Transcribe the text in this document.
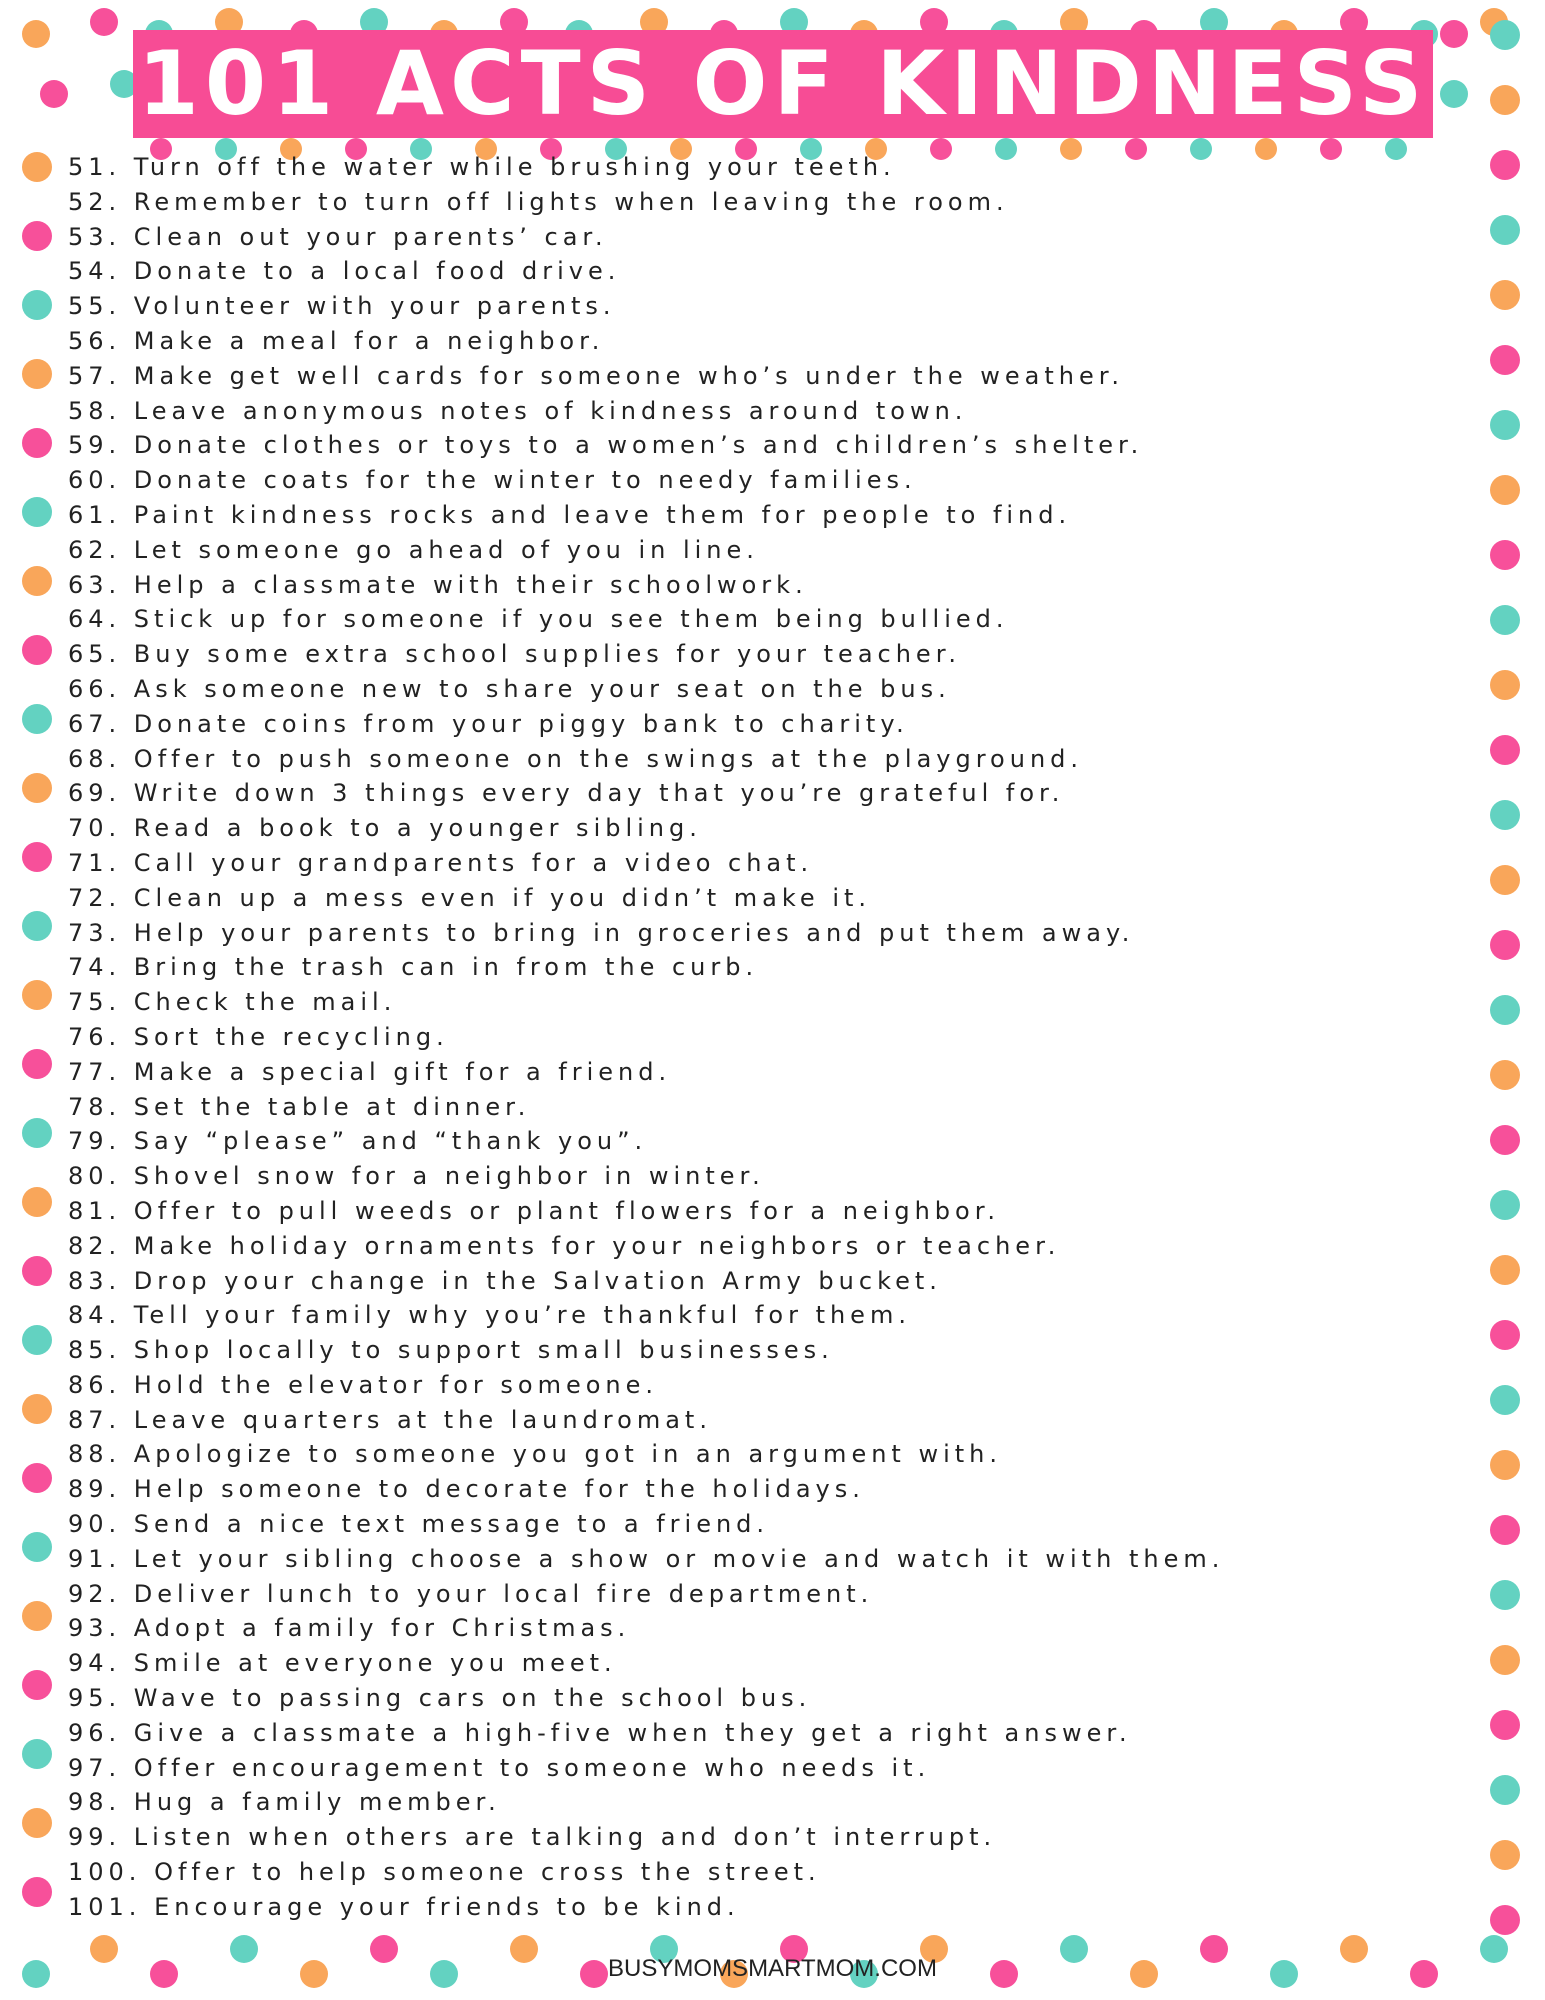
101 ACTS OF KINDNESS
51. Turn off the water while brushing your teeth.
52. Remember to turn off lights when leaving the room.
53. Clean out your parents’ car.
54. Donate to a local food drive.
55. Volunteer with your parents.
56. Make a meal for a neighbor.
57. Make get well cards for someone who’s under the weather.
58. Leave anonymous notes of kindness around town.
59. Donate clothes or toys to a women’s and children’s shelter.
60. Donate coats for the winter to needy families.
61. Paint kindness rocks and leave them for people to find.
62. Let someone go ahead of you in line.
63. Help a classmate with their schoolwork.
64. Stick up for someone if you see them being bullied.
65. Buy some extra school supplies for your teacher.
66. Ask someone new to share your seat on the bus.
67. Donate coins from your piggy bank to charity.
68. Offer to push someone on the swings at the playground.
69. Write down 3 things every day that you’re grateful for.
70. Read a book to a younger sibling.
71. Call your grandparents for a video chat.
72. Clean up a mess even if you didn’t make it.
73. Help your parents to bring in groceries and put them away.
74. Bring the trash can in from the curb.
75. Check the mail.
76. Sort the recycling.
77. Make a special gift for a friend.
78. Set the table at dinner.
79. Say “please” and “thank you”.
80. Shovel snow for a neighbor in winter.
81. Offer to pull weeds or plant flowers for a neighbor.
82. Make holiday ornaments for your neighbors or teacher.
83. Drop your change in the Salvation Army bucket.
84. Tell your family why you’re thankful for them.
85. Shop locally to support small businesses.
86. Hold the elevator for someone.
87. Leave quarters at the laundromat.
88. Apologize to someone you got in an argument with.
89. Help someone to decorate for the holidays.
90. Send a nice text message to a friend.
91. Let your sibling choose a show or movie and watch it with them.
92. Deliver lunch to your local fire department.
93. Adopt a family for Christmas.
94. Smile at everyone you meet.
95. Wave to passing cars on the school bus.
96. Give a classmate a high-five when they get a right answer.
97. Offer encouragement to someone who needs it.
98. Hug a family member.
99. Listen when others are talking and don’t interrupt.
100. Offer to help someone cross the street.
101. Encourage your friends to be kind.
BUSYMOMSMARTMOM.COM
